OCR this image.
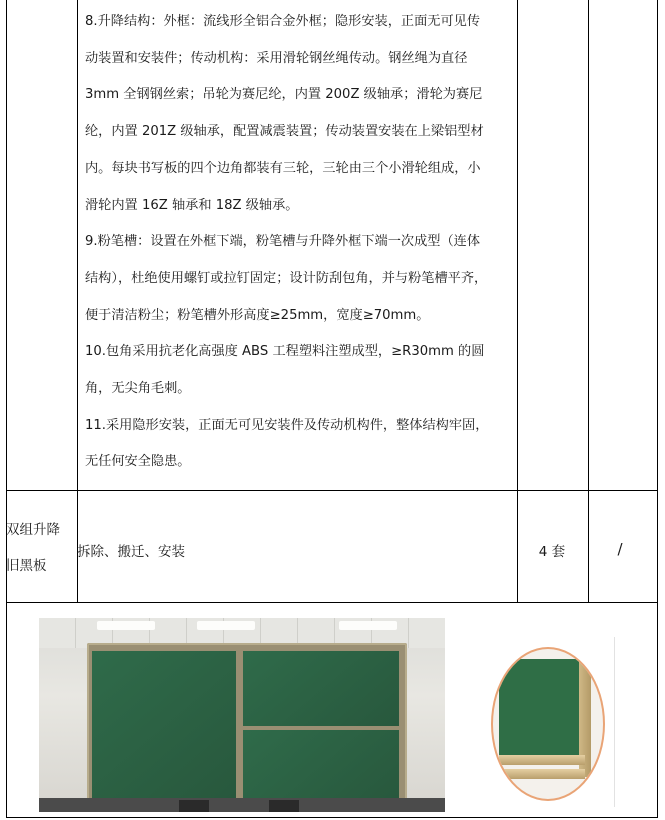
8.升降结构：外框：流线形全铝合金外框；隐形安装，正面无可见传

动装置和安装件；传动机构：采用滑轮钢丝绳传动。钢丝绳为直径

3mm 全钢钢丝索；吊轮为赛尼纶，内置 200Z 级轴承；滑轮为赛尼

纶，内置 201Z 级轴承，配置减震装置；传动装置安装在上梁铝型材

内。每块书写板的四个边角都装有三轮，三轮由三个小滑轮组成，小

滑轮内置 16Z 轴承和 18Z 级轴承。

9.粉笔槽：设置在外框下端，粉笔槽与升降外框下端一次成型（连体

结构），杜绝使用螺钉或拉钉固定；设计防刮包角，并与粉笔槽平齐，

便于清洁粉尘；粉笔槽外形高度≥25mm，宽度≥70mm。

10.包角采用抗老化高强度 ABS 工程塑料注塑成型，≥R30mm 的圆

角，无尖角毛刺。

11.采用隐形安装，正面无可见安装件及传动机构件，整体结构牢固，

无任何安全隐患。

双组升降
旧黑板
拆除、搬迁、安装	4 套	/
